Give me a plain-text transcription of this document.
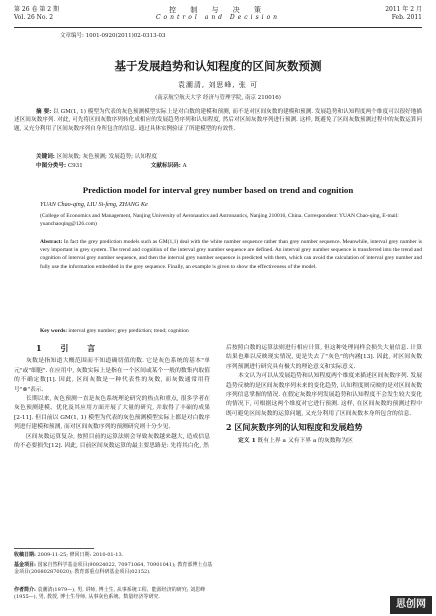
第 26 卷 第 2 期
Vol. 26 No. 2
控 制 与 决 策
Control and Decision
2011 年 2 月
Feb. 2011
文章编号: 1001-0920(2011)02-0313-03
基于发展趋势和认知程度的区间灰数预测
袁潮清, 刘思峰, 张 可
(南京航空航天大学 经济与管理学院, 南京 210016)
摘 要: 以 GM(1, 1) 模型为代表的灰色预测模型实际上是对白数的建模和预测, 而不是对区间灰数的建模和预测. 发展趋势和认知程度两个维度可以很好地描述区间灰数序列. 对此, 可先将区间灰数序列转化成相应的发展趋势序列和认知程度, 然后对区间灰数序列进行预测. 这样, 既避免了区间灰数预测过程中的灰数运算问题, 又充分利用了区间灰数序列自身所包含的信息. 通过具体实例验证了所建模型的有效性.
关键词: 区间灰数; 灰色预测; 发展趋势; 认知程度
中图分类号: C931	文献标识码: A
Prediction model for interval grey number based on trend and cognition
YUAN Chao-qing, LIU Si-feng, ZHANG Ke
(College of Economics and Management, Nanjing University of Aeronautics and Astronautics, Nanjing 210016, China. Correspondent: YUAN Chao-qing, E-mail: yuanchaoqing@126.com)
Abstract: In fact the grey prediction models such as GM(1,1) deal with the white number sequence rather than grey number sequence. Meanwhile, interval grey number is very important in grey system. The trend and cognition of the interval grey number sequence are defined. An interval grey number sequence is transferred into the trend and cognition of interval grey number sequence, and then the interval grey number sequence is predicted with them, which can avoid the calculation of interval grey number and fully use the information embedded in the grey sequence. Finally, an example is given to show the effectiveness of the model.
Key words: interval grey number; grey prediction; trend; cognition
1 引 言

灰数是指知道大概范围而不知道确切值的数. 它是灰色系统的基本"单元"或"细胞". 在应用中, 灰数实际上是指在一个区间或某个一般的数集内取值的不确定数[1]. 因此, 区间灰数是一种代表性的灰数, 而灰数通常用符号"⊗"表示.

长期以来, 灰色预测一直是灰色系统理论研究的热点和重点, 很多学者在灰色预测建模、优化及其应用方面开展了大量的研究, 并取得了丰硕的成果[2-11]. 但目前以 GM(1, 1) 模型为代表的灰色预测模型实际上都是对白数序列进行建模和预测, 而对区间灰数序列的预测研究则十分少见.

区间灰数运算复杂, 按照目前的运算法则会导致灰数越来越大, 造成信息的不必要损失[12]. 因此, 目前区间灰数运算的最主要思路是: 先将其白化, 然

后按照白数的运算法则进行相应计算, 但这种处理同样会损失大量信息. 计算结果也难以反映现实情况, 更是失去了"灰色"的内涵[13]. 因此, 对区间灰数序列预测进行研究具有极大的理论意义和实际意义.

本文认为可以从发展趋势和认知程度两个维度来描述区间灰数序列. 发展趋势反映的是区间灰数序列未来的变化趋势, 认知程度则反映的是对区间灰数序列信息掌握的情况. 在假定灰数序列发展趋势和认知程度不会发生较大变化的情况下, 可根据这两个维度对它进行预测. 这样, 在区间灰数的预测过程中既可避免区间灰数的运算问题, 又充分利用了区间灰数本身所包含的信息.

2 区间灰数序列的认知程度和发展趋势

定义 1 既有上界 a 又有下界 a 的灰数称为区

收稿日期: 2009-11-25; 修回日期: 2010-01-13.
基金项目: 国家自然科学基金项目(90924022, 70971064, 70901041); 教育部博士点基金项目(200802870020); 教育部重点科研基金项目(02152).
作者简介: 袁潮清(1979—), 男, 讲师, 博士生, 从事系统工程、能源经济的研究; 刘思峰(1955—), 男, 教授, 博士生导师, 从事灰色系统、数量经济等研究.
思创网
